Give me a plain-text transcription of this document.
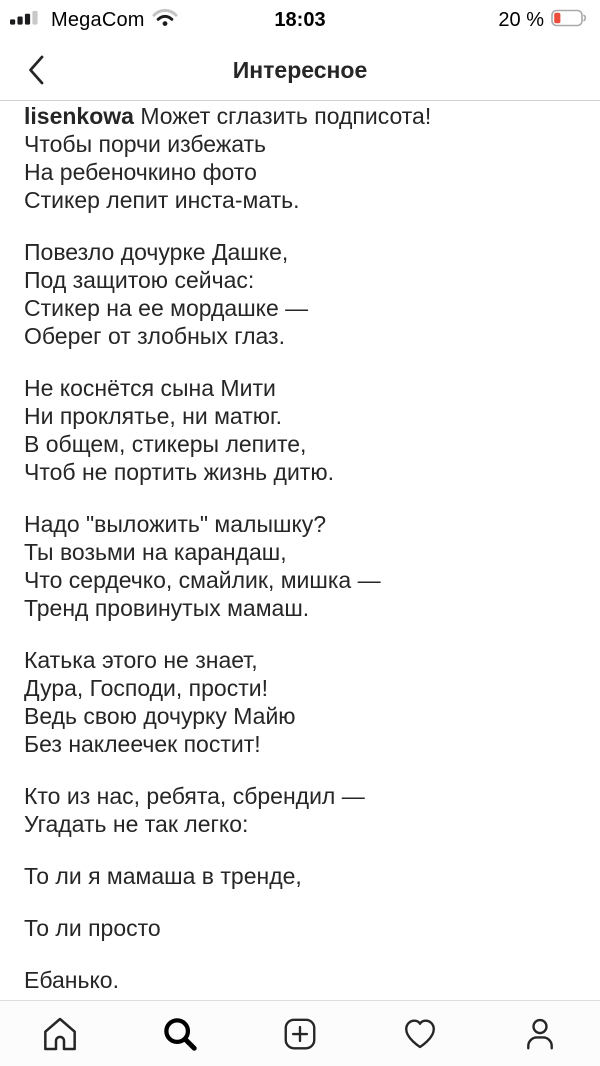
MegaCom	18:03	20 %
Интересное
lisenkowa Может сглазить подписота!
Чтобы порчи избежать
На ребеночкино фото
Стикер лепит инста-мать.
Повезло дочурке Дашке,
Под защитою сейчас:
Стикер на ее мордашке —
Оберег от злобных глаз.
Не коснётся сына Мити
Ни проклятье, ни матюг.
В общем, стикеры лепите,
Чтоб не портить жизнь дитю.
Надо "выложить" малышку?
Ты возьми на карандаш,
Что сердечко, смайлик, мишка —
Тренд провинутых мамаш.
Катька этого не знает,
Дура, Господи, прости!
Ведь свою дочурку Майю
Без наклеечек постит!
Кто из нас, ребята, сбрендил —
Угадать не так легко:
То ли я мамаша в тренде,
То ли просто
Ебанько.
